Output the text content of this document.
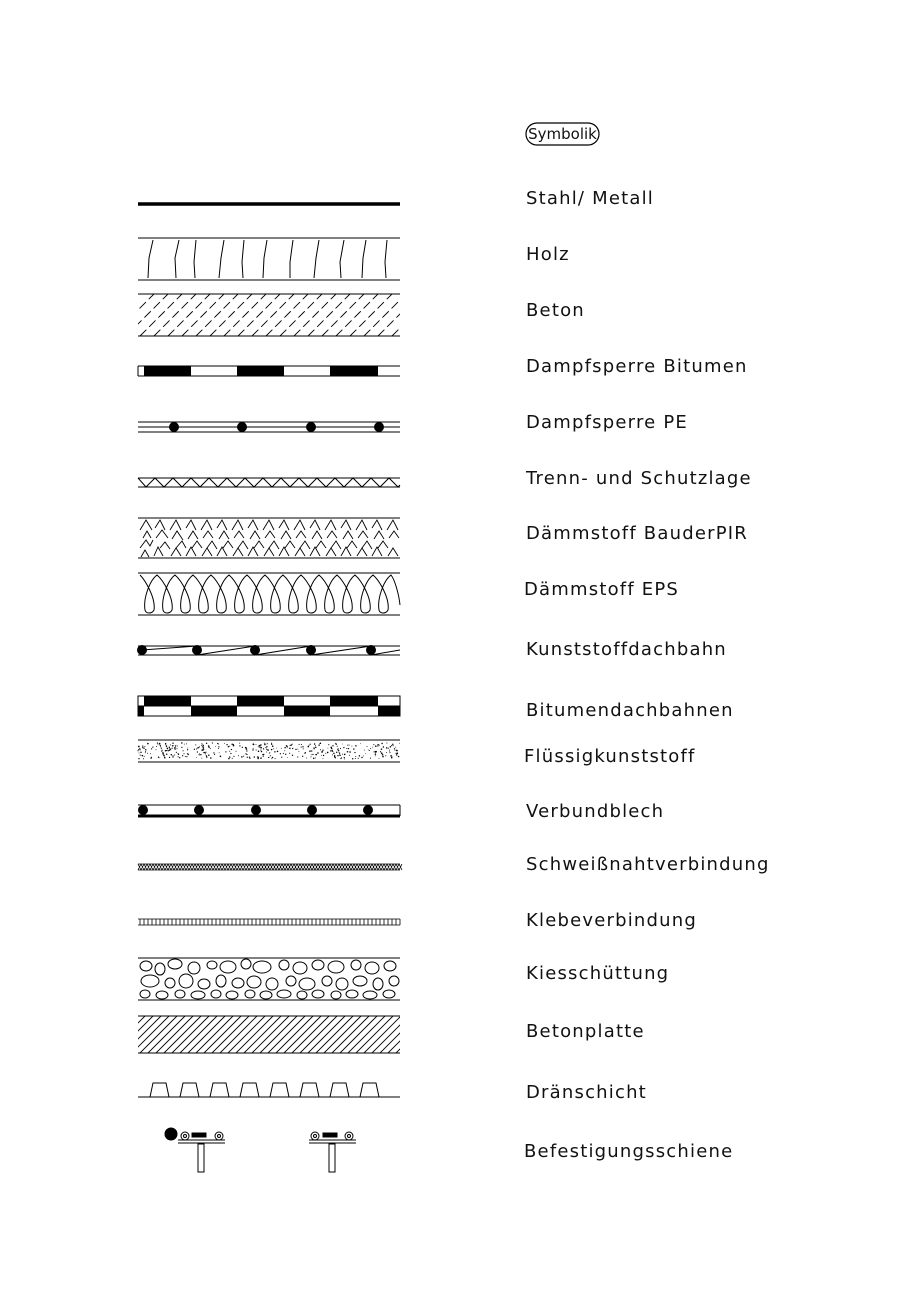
Symbolik
Stahl/ Metall
Holz
Beton
Dampfsperre Bitumen
Dampfsperre PE
Trenn- und Schutzlage
Dämmstoff BauderPIR
Dämmstoff EPS
Kunststoffdachbahn
Bitumendachbahnen
Flüssigkunststoff
Verbundblech
Schweißnahtverbindung
Klebeverbindung
Kiesschüttung
Betonplatte
Dränschicht
Befestigungsschiene
